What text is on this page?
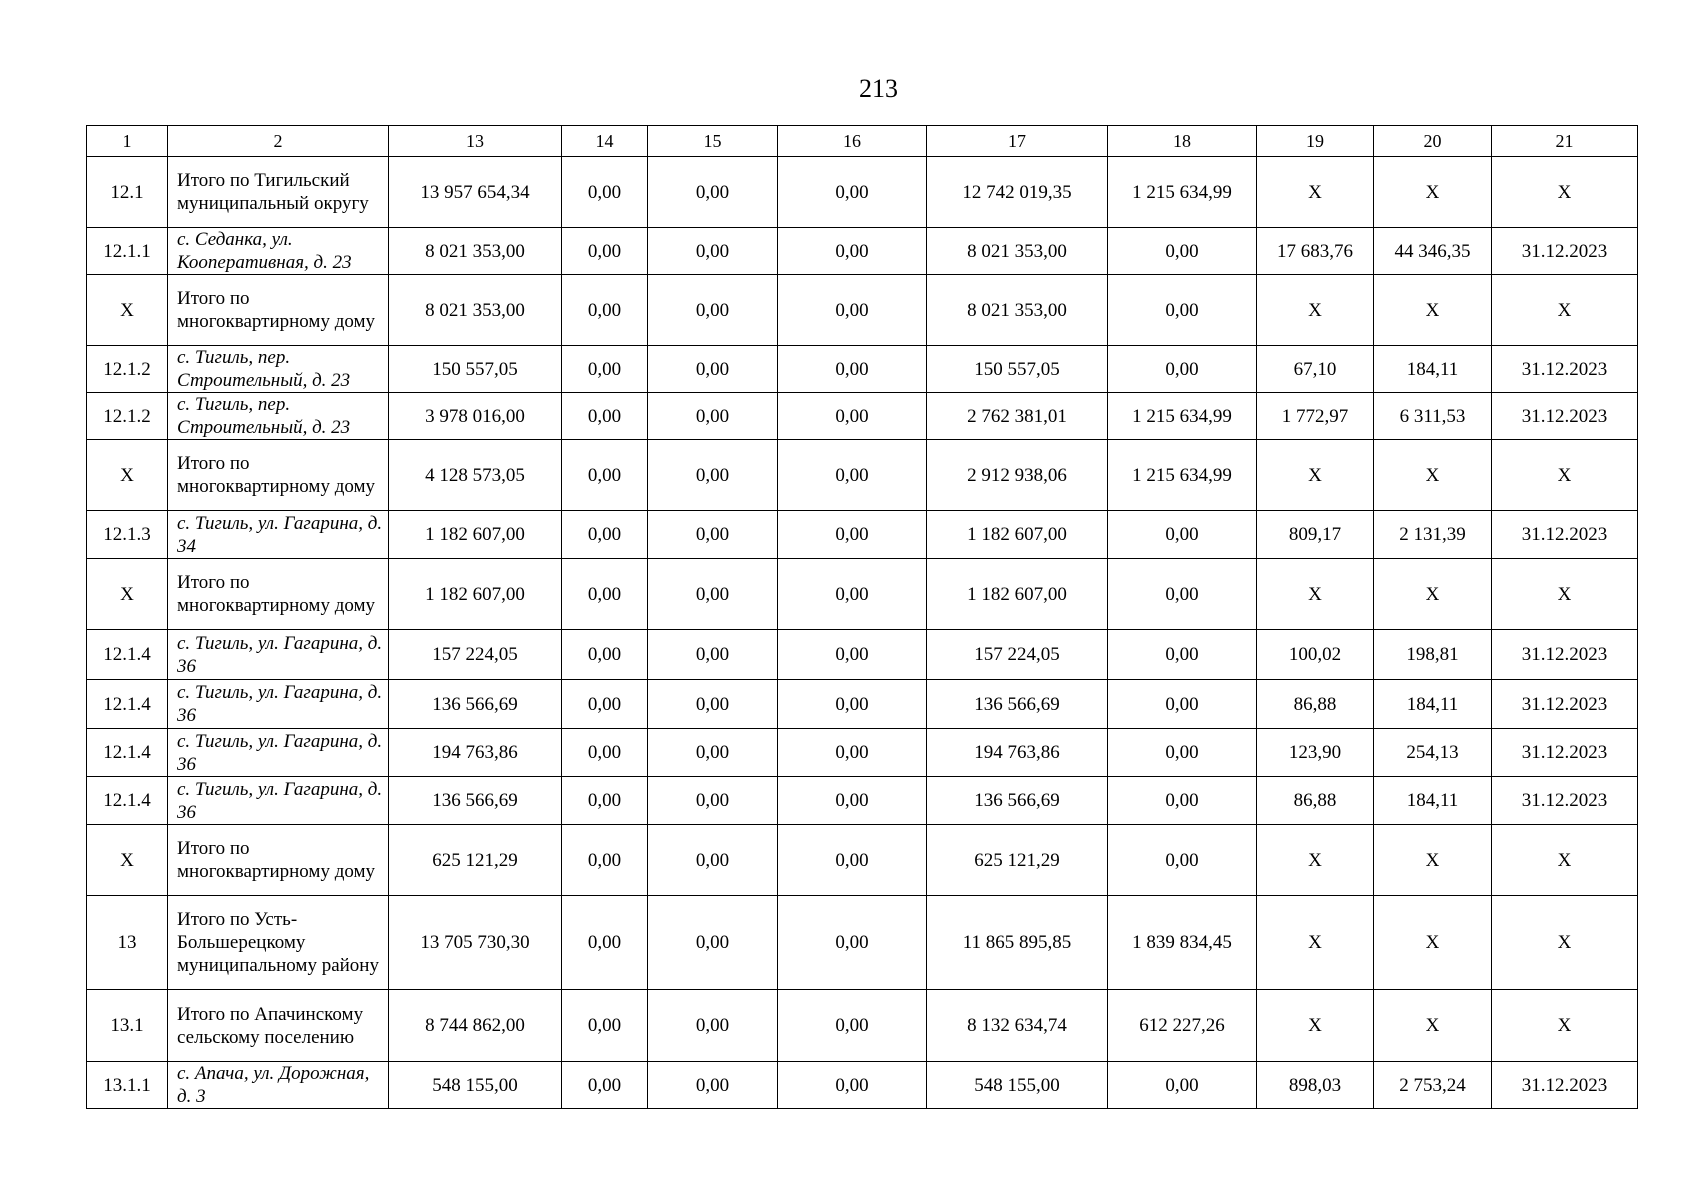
213
1	2	13	14	15	16	17	18	19	20	21
12.1	Итого по Тигильский муниципальный округу	13 957 654,34	0,00	0,00	0,00	12 742 019,35	1 215 634,99	X	X	X
12.1.1	с. Седанка, ул. Кооперативная, д. 23	8 021 353,00	0,00	0,00	0,00	8 021 353,00	0,00	17 683,76	44 346,35	31.12.2023
X	Итого по многоквартирному дому	8 021 353,00	0,00	0,00	0,00	8 021 353,00	0,00	X	X	X
12.1.2	с. Тигиль, пер. Строительный, д. 23	150 557,05	0,00	0,00	0,00	150 557,05	0,00	67,10	184,11	31.12.2023
12.1.2	с. Тигиль, пер. Строительный, д. 23	3 978 016,00	0,00	0,00	0,00	2 762 381,01	1 215 634,99	1 772,97	6 311,53	31.12.2023
X	Итого по многоквартирному дому	4 128 573,05	0,00	0,00	0,00	2 912 938,06	1 215 634,99	X	X	X
12.1.3	с. Тигиль, ул. Гагарина, д. 34	1 182 607,00	0,00	0,00	0,00	1 182 607,00	0,00	809,17	2 131,39	31.12.2023
X	Итого по многоквартирному дому	1 182 607,00	0,00	0,00	0,00	1 182 607,00	0,00	X	X	X
12.1.4	с. Тигиль, ул. Гагарина, д. 36	157 224,05	0,00	0,00	0,00	157 224,05	0,00	100,02	198,81	31.12.2023
12.1.4	с. Тигиль, ул. Гагарина, д. 36	136 566,69	0,00	0,00	0,00	136 566,69	0,00	86,88	184,11	31.12.2023
12.1.4	с. Тигиль, ул. Гагарина, д. 36	194 763,86	0,00	0,00	0,00	194 763,86	0,00	123,90	254,13	31.12.2023
12.1.4	с. Тигиль, ул. Гагарина, д. 36	136 566,69	0,00	0,00	0,00	136 566,69	0,00	86,88	184,11	31.12.2023
X	Итого по многоквартирному дому	625 121,29	0,00	0,00	0,00	625 121,29	0,00	X	X	X
13	Итого по Усть-Большерецкому муниципальному району	13 705 730,30	0,00	0,00	0,00	11 865 895,85	1 839 834,45	X	X	X
13.1	Итого по Апачинскому сельскому поселению	8 744 862,00	0,00	0,00	0,00	8 132 634,74	612 227,26	X	X	X
13.1.1	с. Апача, ул. Дорожная, д. 3	548 155,00	0,00	0,00	0,00	548 155,00	0,00	898,03	2 753,24	31.12.2023
